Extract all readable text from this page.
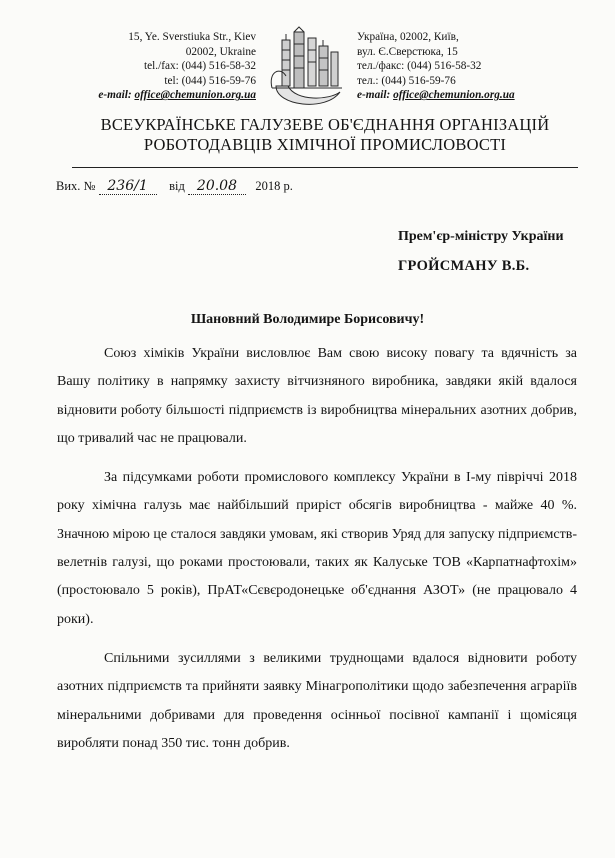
15, Ye. Sverstiuka Str., Kiev
02002, Ukraine
tel./fax: (044) 516-58-32
tel: (044) 516-59-76
e-mail: office@chemunion.org.ua
Україна, 02002, Київ,
вул. Є.Сверстюка, 15
тел./факс: (044) 516-58-32
тел.: (044) 516-59-76
e-mail: office@chemunion.org.ua
ВСЕУКРАЇНСЬКЕ ГАЛУЗЕВЕ ОБ'ЄДНАННЯ ОРГАНІЗАЦІЙ
РОБОТОДАВЦІВ ХІМІЧНОЇ ПРОМИСЛОВОСТІ
Вих. № 236/1 від 20.08 2018 р.
Прем'єр-міністру України
ГРОЙСМАНУ В.Б.
Шановний Володимире Борисовичу!

Союз хіміків України висловлює Вам свою високу повагу та вдячність за Вашу політику в напрямку захисту вітчизняного виробника, завдяки якій вдалося відновити роботу більшості підприємств із виробництва мінеральних азотних добрив, що тривалий час не працювали.

За підсумками роботи промислового комплексу України в І-му півріччі 2018 року хімічна галузь має найбільший приріст обсягів виробництва - майже 40 %. Значною мірою це сталося завдяки умовам, які створив Уряд для запуску підприємств-велетнів галузі, що роками простоювали, таких як Калуське ТОВ «Карпатнафтохім» (простоювало 5 років), ПрАТ«Сєвєродонецьке об'єднання АЗОТ» (не працювало 4 роки).

Спільними зусиллями з великими труднощами вдалося відновити роботу азотних підприємств та прийняти заявку Мінагрополітики щодо забезпечення аграріїв мінеральними добривами для проведення осінньої посівної кампанії і щомісяця виробляти понад 350 тис. тонн добрив.
